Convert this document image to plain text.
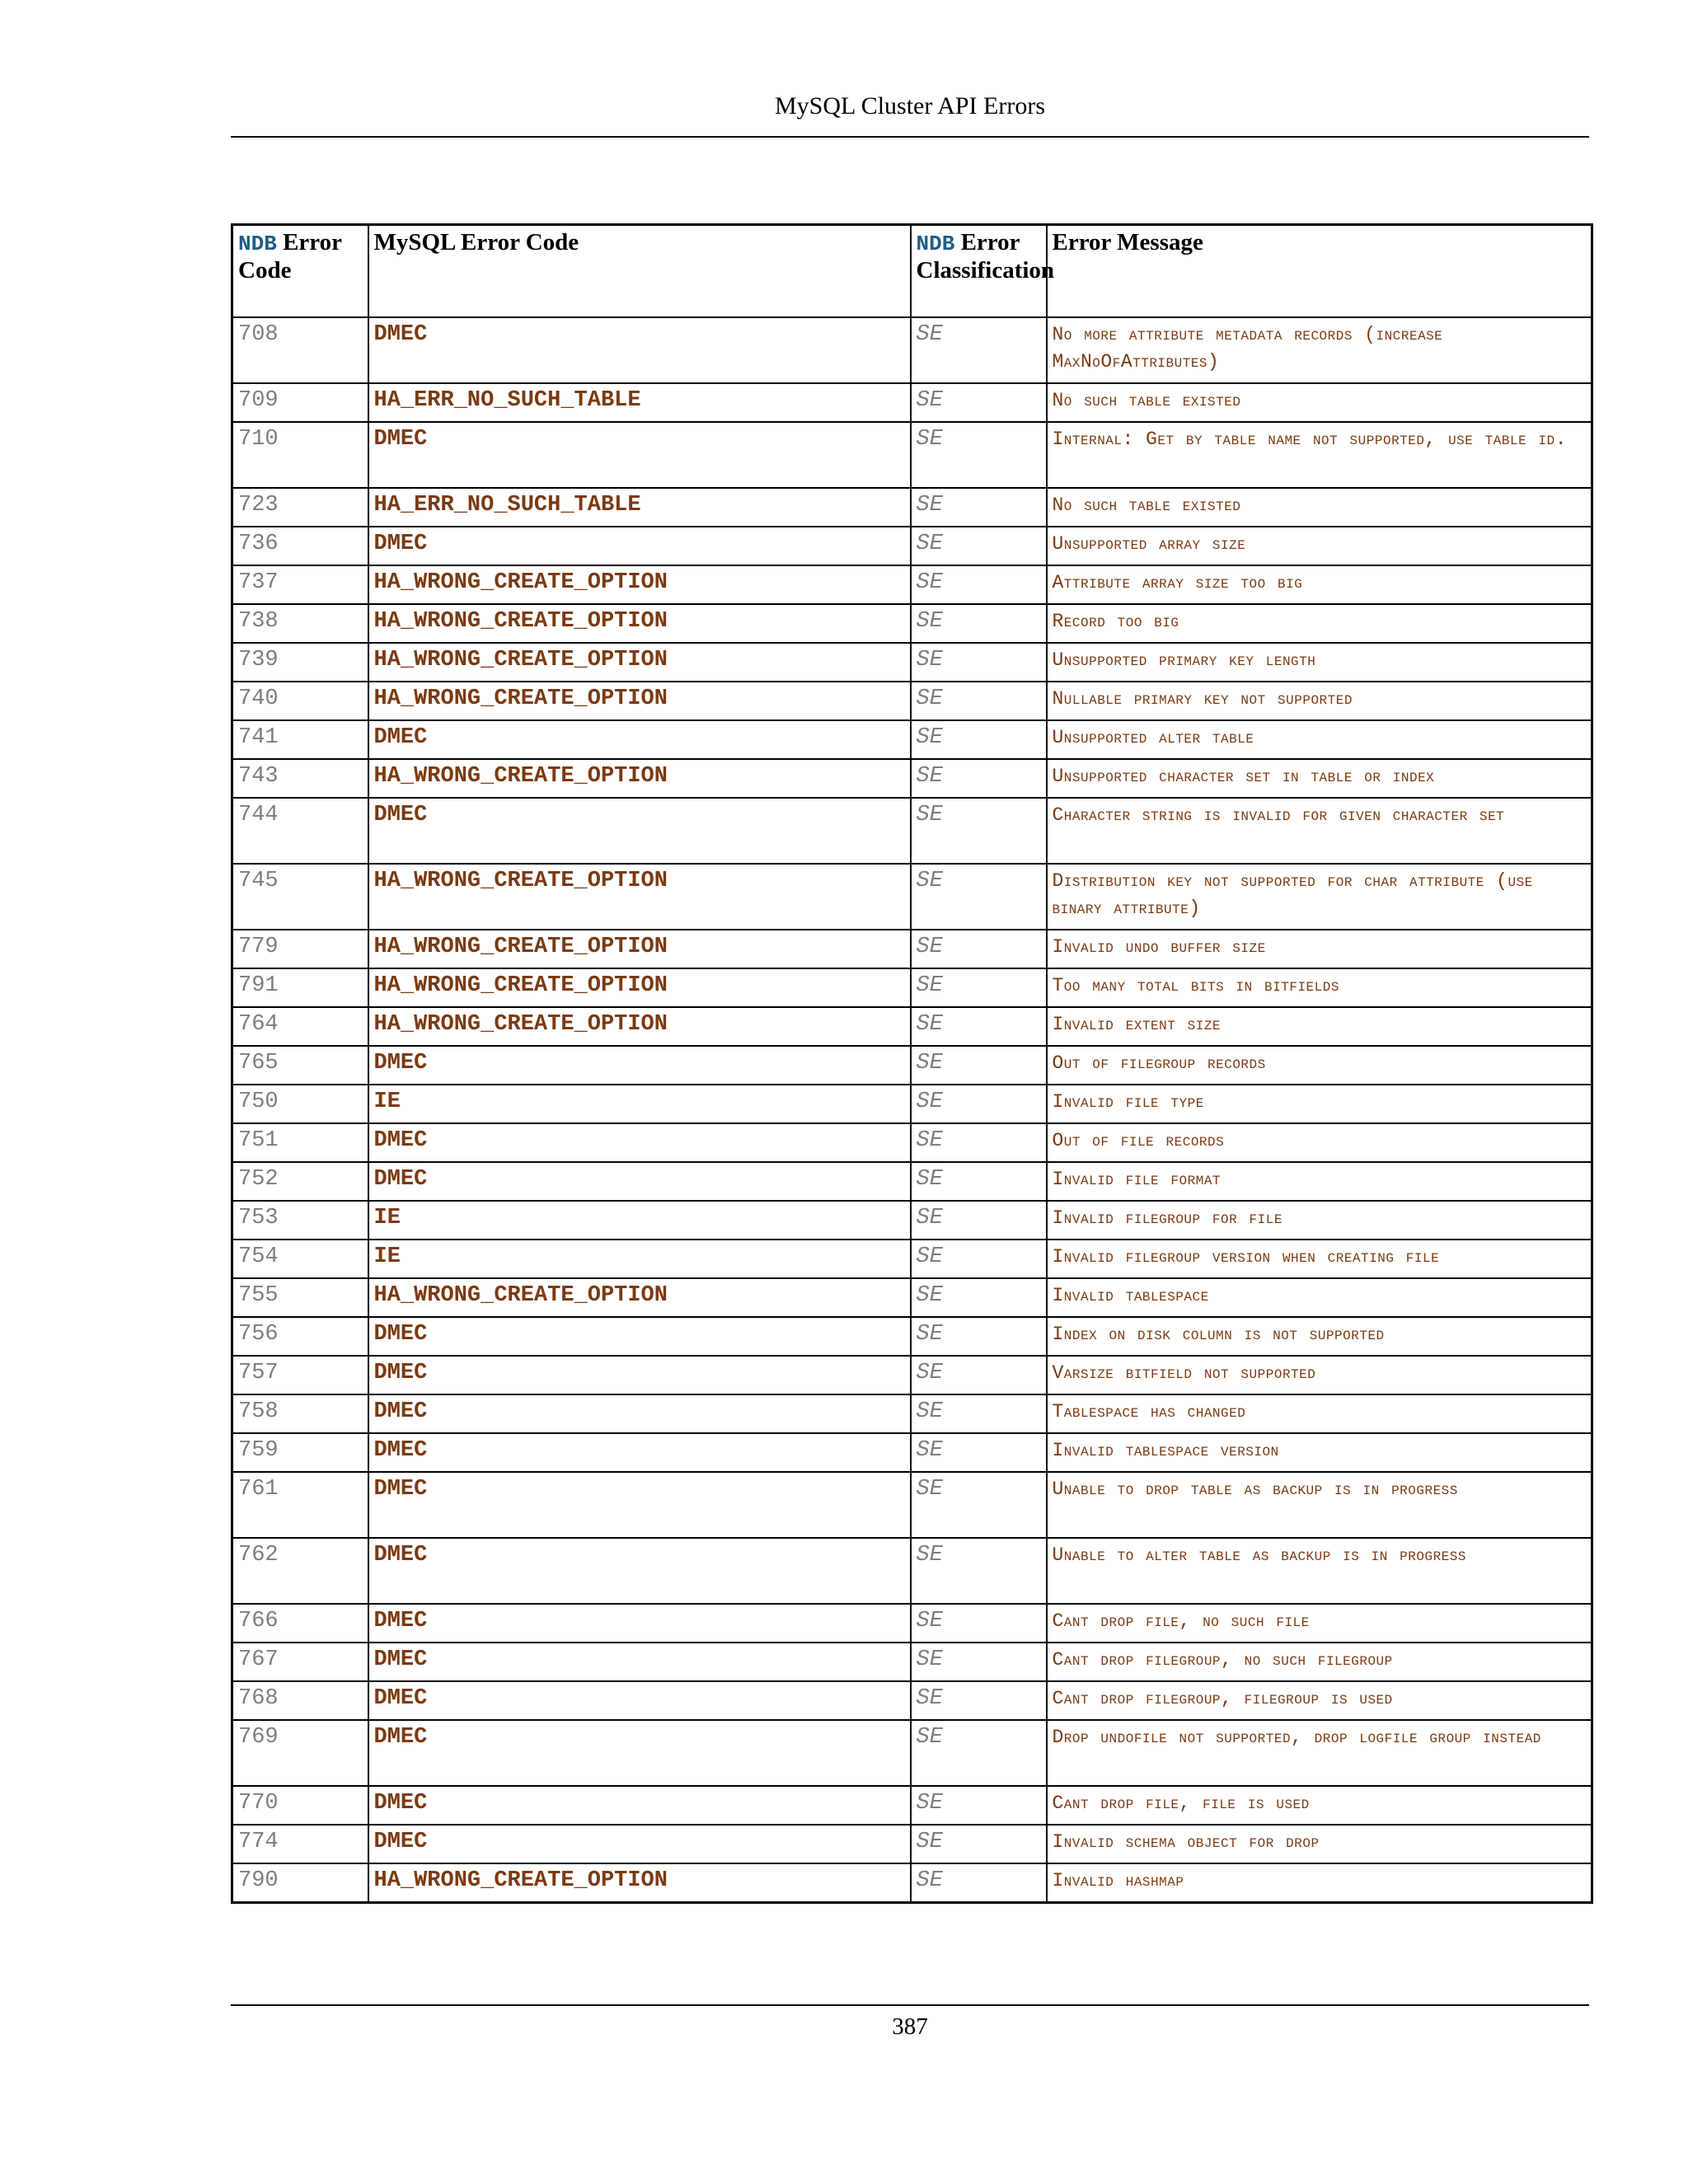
MySQL Cluster API Errors
NDB Error Code	MySQL Error Code	NDB Error Classification	Error Message
708	DMEC	SE	No more attribute metadata records (increase MaxNoOfAttributes)
709	HA_ERR_NO_SUCH_TABLE	SE	No such table existed
710	DMEC	SE	Internal: Get by table name not supported, use table id.
723	HA_ERR_NO_SUCH_TABLE	SE	No such table existed
736	DMEC	SE	Unsupported array size
737	HA_WRONG_CREATE_OPTION	SE	Attribute array size too big
738	HA_WRONG_CREATE_OPTION	SE	Record too big
739	HA_WRONG_CREATE_OPTION	SE	Unsupported primary key length
740	HA_WRONG_CREATE_OPTION	SE	Nullable primary key not supported
741	DMEC	SE	Unsupported alter table
743	HA_WRONG_CREATE_OPTION	SE	Unsupported character set in table or index
744	DMEC	SE	Character string is invalid for given character set
745	HA_WRONG_CREATE_OPTION	SE	Distribution key not supported for char attribute (use binary attribute)
779	HA_WRONG_CREATE_OPTION	SE	Invalid undo buffer size
791	HA_WRONG_CREATE_OPTION	SE	Too many total bits in bitfields
764	HA_WRONG_CREATE_OPTION	SE	Invalid extent size
765	DMEC	SE	Out of filegroup records
750	IE	SE	Invalid file type
751	DMEC	SE	Out of file records
752	DMEC	SE	Invalid file format
753	IE	SE	Invalid filegroup for file
754	IE	SE	Invalid filegroup version when creating file
755	HA_WRONG_CREATE_OPTION	SE	Invalid tablespace
756	DMEC	SE	Index on disk column is not supported
757	DMEC	SE	Varsize bitfield not supported
758	DMEC	SE	Tablespace has changed
759	DMEC	SE	Invalid tablespace version
761	DMEC	SE	Unable to drop table as backup is in progress
762	DMEC	SE	Unable to alter table as backup is in progress
766	DMEC	SE	Cant drop file, no such file
767	DMEC	SE	Cant drop filegroup, no such filegroup
768	DMEC	SE	Cant drop filegroup, filegroup is used
769	DMEC	SE	Drop undofile not supported, drop logfile group instead
770	DMEC	SE	Cant drop file, file is used
774	DMEC	SE	Invalid schema object for drop
790	HA_WRONG_CREATE_OPTION	SE	Invalid hashmap
387
